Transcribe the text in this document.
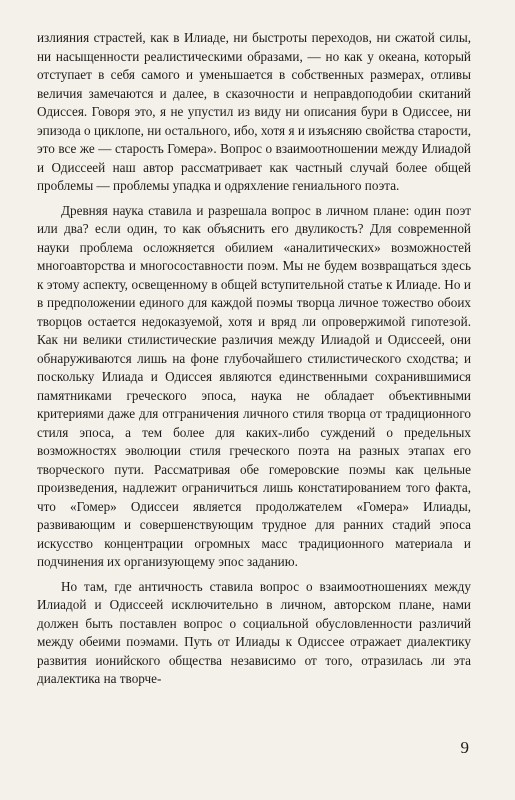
излияния страстей, как в Илиаде, ни быстроты переходов, ни сжатой силы, ни насыщенности реалистическими образами, — но как у океана, который отступает в себя самого и уменьшается в собственных размерах, отливы величия замечаются и далее, в сказочности и неправдоподобии скитаний Одиссея. Говоря это, я не упустил из виду ни описания бури в Одиссее, ни эпизода о циклопе, ни остального, ибо, хотя я и изъясняю свойства старости, это все же — старость Гомера». Вопрос о взаимоотношении между Илиадой и Одиссеей наш автор рассматривает как частный случай более общей проблемы — проблемы упадка и одряхление гениального поэта.

Древняя наука ставила и разрешала вопрос в личном плане: один поэт или два? если один, то как объяснить его двуликость? Для современной науки проблема осложняется обилием «аналитических» возможностей многоавторства и многосоставности поэм. Мы не будем возвращаться здесь к этому аспекту, освещенному в общей вступительной статье к Илиаде. Но и в предположении единого для каждой поэмы творца личное тожество обоих творцов остается недоказуемой, хотя и вряд ли опровержимой гипотезой. Как ни велики стилистические различия между Илиадой и Одиссеей, они обнаруживаются лишь на фоне глубочайшего стилистического сходства; и поскольку Илиада и Одиссея являются единственными сохранившимися памятниками греческого эпоса, наука не обладает объективными критериями даже для отграничения личного стиля творца от традиционного стиля эпоса, а тем более для каких-либо суждений о предельных возможностях эволюции стиля греческого поэта на разных этапах его творческого пути. Рассматривая обе гомеровские поэмы как цельные произведения, надлежит ограничиться лишь констатированием того факта, что «Гомер» Одиссеи является продолжателем «Гомера» Илиады, развивающим и совершенствующим трудное для ранних стадий эпоса искусство концентрации огромных масс традиционного материала и подчинения их организующему эпос заданию.

Но там, где античность ставила вопрос о взаимоотношениях между Илиадой и Одиссеей исключительно в личном, авторском плане, нами должен быть поставлен вопрос о социальной обусловленности различий между обеими поэмами. Путь от Илиады к Одиссее отражает диалектику развития ионийского общества независимо от того, отразилась ли эта диалектика на творче-

9
